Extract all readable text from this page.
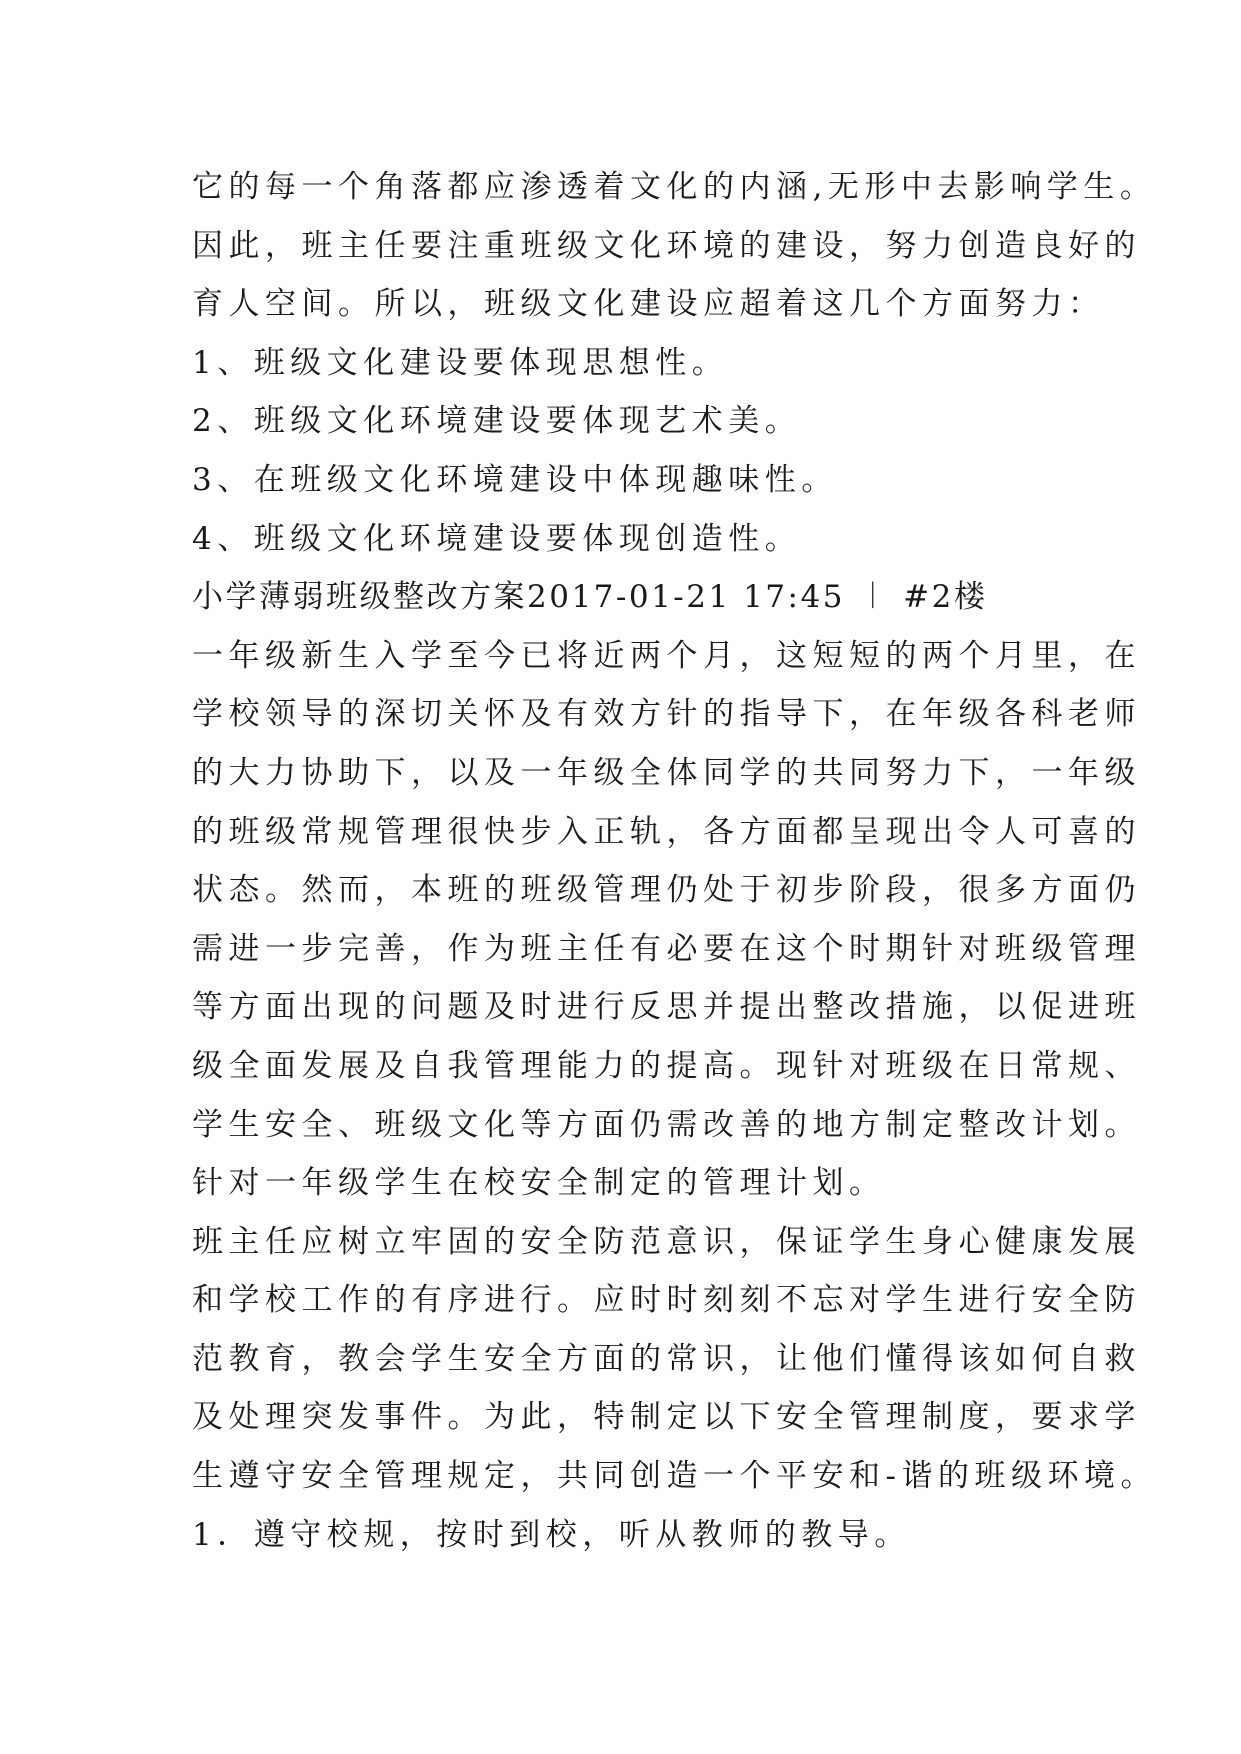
它的每一个角落都应渗透着文化的内涵,无形中去影响学生。
因此，班主任要注重班级文化环境的建设，努力创造良好的
育人空间。所以，班级文化建设应超着这几个方面努力：
1、班级文化建设要体现思想性。
2、班级文化环境建设要体现艺术美。
3、在班级文化环境建设中体现趣味性。
4、班级文化环境建设要体现创造性。
小学薄弱班级整改方案2017-01-21 17:45 ︱ #2楼
一年级新生入学至今已将近两个月，这短短的两个月里，在
学校领导的深切关怀及有效方针的指导下，在年级各科老师
的大力协助下，以及一年级全体同学的共同努力下，一年级
的班级常规管理很快步入正轨，各方面都呈现出令人可喜的
状态。然而，本班的班级管理仍处于初步阶段，很多方面仍
需进一步完善，作为班主任有必要在这个时期针对班级管理
等方面出现的问题及时进行反思并提出整改措施，以促进班
级全面发展及自我管理能力的提高。现针对班级在日常规、
学生安全、班级文化等方面仍需改善的地方制定整改计划。
针对一年级学生在校安全制定的管理计划。
班主任应树立牢固的安全防范意识，保证学生身心健康发展
和学校工作的有序进行。应时时刻刻不忘对学生进行安全防
范教育，教会学生安全方面的常识，让他们懂得该如何自救
及处理突发事件。为此，特制定以下安全管理制度，要求学
生遵守安全管理规定，共同创造一个平安和-谐的班级环境。
1．遵守校规，按时到校，听从教师的教导。
